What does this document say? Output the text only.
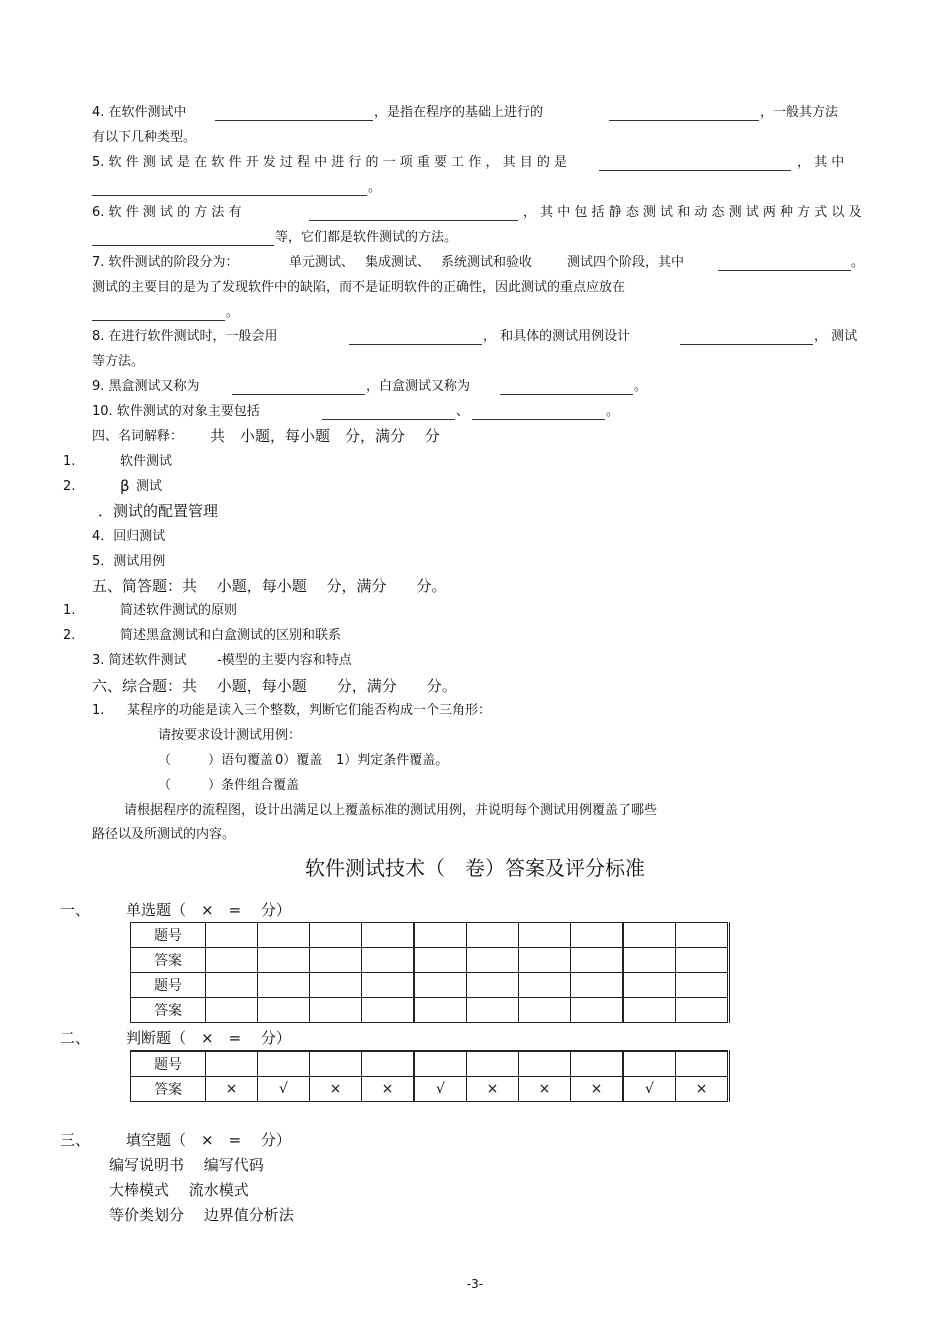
4. 在软件测试中	，是指在程序的基础上进行的	，一般其方法
有以下几种类型。
5. 软 件 测 试 是 在 软 件 开 发 过 程 中 进 行 的 一 项 重 要 工 作 ， 其 目 的 是	， 其 中
。
6. 软 件 测 试 的 方 法 有	， 其 中 包 括 静 态 测 试 和 动 态 测 试 两 种 方 式 以 及
等，它们都是软件测试的方法。
7. 软件测试的阶段分为：	单元测试、 集成测试、 系统测试和验收	测试四个阶段，其中	。
测试的主要目的是为了发现软件中的缺陷，而不是证明软件的正确性，因此测试的重点应放在
。
8. 在进行软件测试时，一般会用	， 和具体的测试用例设计	， 测试
等方法。
9. 黑盒测试又称为	，白盒测试又称为	。
10. 软件测试的对象主要包括	、	。
四、名词解释： 共　小题，每小题　分，满分　 分
1.	软件测试
2.	β 测试
．测试的配置管理
4．回归测试
5．测试用例
五、简答题：共　 小题，每小题　 分，满分　　分。
1.	简述软件测试的原则
2.	简述黑盒测试和白盒测试的区别和联系
3. 简述软件测试 -模型的主要内容和特点
六、综合题：共　 小题，每小题　　分，满分　　分。
1. 某程序的功能是读入三个整数，判断它们能否构成一个三角形：
请按要求设计测试用例：
（	）语句覆盖 0）覆盖 1）判定条件覆盖。
（	）条件组合覆盖
请根据程序的流程图，设计出满足以上覆盖标准的测试用例，并说明每个测试用例覆盖了哪些
路径以及所测试的内容。
软件测试技术（　卷）答案及评分标准
一、 单选题（　×　=　 分）
题号										
答案										
题号										
答案										
二、 判断题（　×　=　 分）
题号										
答案	×	√	×	×	√	×	×	×	√	×
三、 填空题（　×　=　 分）
编写说明书　 编写代码
大棒模式　 流水模式
等价类划分　 边界值分析法
-3-
